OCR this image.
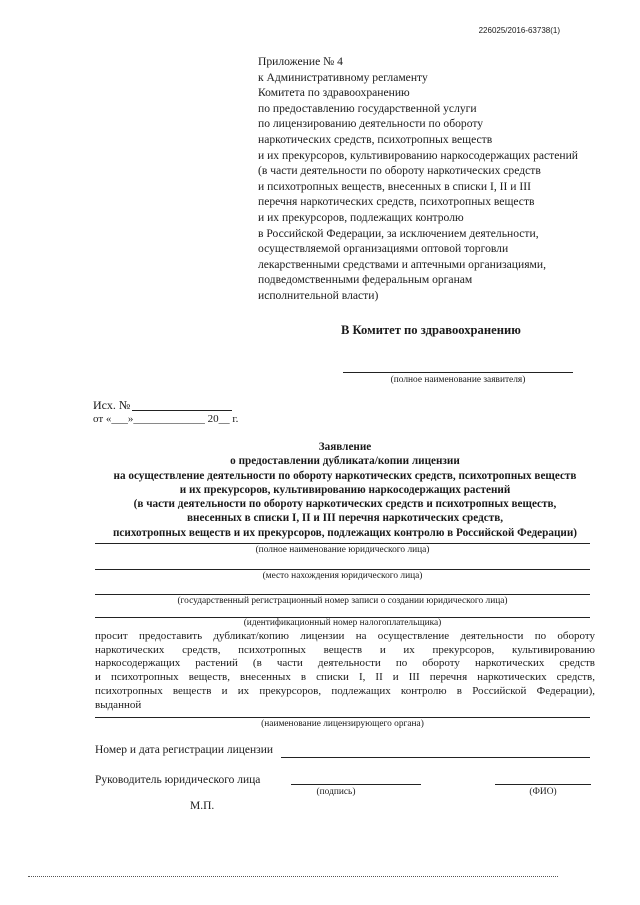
226025/2016-63738(1)
Приложение № 4
к Административному регламенту
Комитета по здравоохранению
по предоставлению государственной услуги
по лицензированию деятельности по обороту
наркотических средств, психотропных веществ
и их прекурсоров, культивированию наркосодержащих растений
(в части деятельности по обороту наркотических средств
и психотропных веществ, внесенных в списки I, II и III
перечня наркотических средств, психотропных веществ
и их прекурсоров, подлежащих контролю
в Российской Федерации, за исключением деятельности,
осуществляемой организациями оптовой торговли
лекарственными средствами и аптечными организациями,
подведомственными федеральным органам
исполнительной власти)
В Комитет по здравоохранению
(полное наименование заявителя)
Исх. №
от «___»_____________ 20__ г.
Заявление
о предоставлении дубликата/копии лицензии
на осуществление деятельности по обороту наркотических средств, психотропных веществ
и их прекурсоров, культивированию наркосодержащих растений
(в части деятельности по обороту наркотических средств и психотропных веществ,
внесенных в списки I, II и III перечня наркотических средств,
психотропных веществ и их прекурсоров, подлежащих контролю в Российской Федерации)
(полное наименование юридического лица)
(место нахождения юридического лица)
(государственный регистрационный номер записи о создании юридического лица)
(идентификационный номер налогоплательщика)
просит предоставить дубликат/копию лицензии на осуществление деятельности по обороту
наркотических средств, психотропных веществ и их прекурсоров, культивированию
наркосодержащих растений (в части деятельности по обороту наркотических средств
и психотропных веществ, внесенных в списки I, II и III перечня наркотических средств,
психотропных веществ и их прекурсоров, подлежащих контролю в Российской Федерации),
выданной
(наименование лицензирующего органа)
Номер и дата регистрации лицензии
Руководитель юридического лица
(подпись)	(ФИО)
М.П.
